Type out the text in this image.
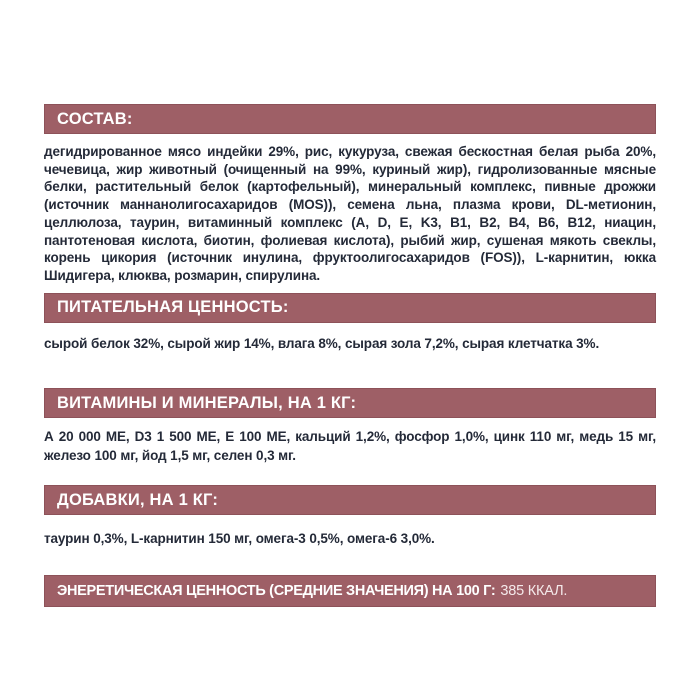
СОСТАВ:

дегидрированное мясо индейки 29%, рис, кукуруза, свежая бескостная белая рыба 20%, чечевица, жир животный (очищенный на 99%, куриный жир), гидролизованные мясные белки, растительный белок (картофельный), минеральный комплекс, пивные дрожжи (источник маннанолигосахаридов (MOS)), семена льна, плазма крови, DL-метионин, целлюлоза, таурин, витаминный комплекс (A, D, E, K3, B1, B2, B4, B6, B12, ниацин, пантотеновая кислота, биотин, фолиевая кислота), рыбий жир, сушеная мякоть свеклы, корень цикория (источник инулина, фруктоолигосахаридов (FOS)), L-карнитин, юкка Шидигера, клюква, розмарин, спирулина.

ПИТАТЕЛЬНАЯ ЦЕННОСТЬ:

сырой белок 32%, сырой жир 14%, влага 8%, сырая зола 7,2%, сырая клетчатка 3%.

ВИТАМИНЫ И МИНЕРАЛЫ, НА 1 КГ:

А 20 000 МЕ, D3 1 500 МЕ, Е 100 МЕ, кальций 1,2%, фосфор 1,0%, цинк 110 мг, медь 15 мг, железо 100 мг, йод 1,5 мг, селен 0,3 мг.

ДОБАВКИ, НА 1 КГ:

таурин 0,3%, L-карнитин 150 мг, омега-3 0,5%, омега-6 3,0%.

ЭНЕРЕТИЧЕСКАЯ ЦЕННОСТЬ (СРЕДНИЕ ЗНАЧЕНИЯ) НА 100 Г: 385 ККАЛ.
